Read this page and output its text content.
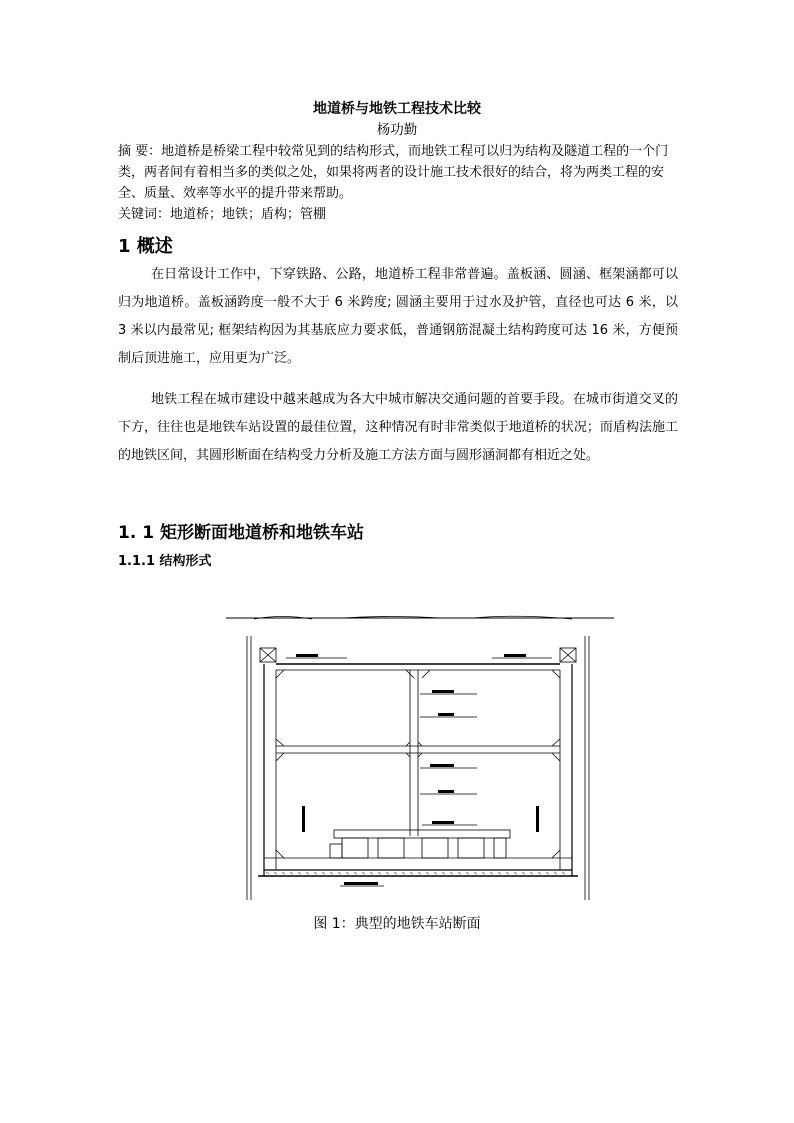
地道桥与地铁工程技术比较
杨功勤
摘 要：地道桥是桥梁工程中较常见到的结构形式，而地铁工程可以归为结构及隧道工程的一个门类，两者间有着相当多的类似之处，如果将两者的设计施工技术很好的结合，将为两类工程的安全、质量、效率等水平的提升带来帮助。
关键词：地道桥；地铁；盾构；管棚
1 概述
在日常设计工作中，下穿铁路、公路，地道桥工程非常普遍。盖板涵、圆涵、框架涵都可以归为地道桥。盖板涵跨度一般不大于 6 米跨度; 圆涵主要用于过水及护管，直径也可达 6 米，以 3 米以内最常见; 框架结构因为其基底应力要求低，普通钢筋混凝土结构跨度可达 16 米，方便预制后顶进施工，应用更为广泛。
地铁工程在城市建设中越来越成为各大中城市解决交通问题的首要手段。在城市街道交叉的下方，往往也是地铁车站设置的最佳位置，这种情况有时非常类似于地道桥的状况；而盾构法施工的地铁区间，其圆形断面在结构受力分析及施工方法方面与圆形涵洞都有相近之处。
1. 1 矩形断面地道桥和地铁车站
1.1.1 结构形式
图 1：典型的地铁车站断面
